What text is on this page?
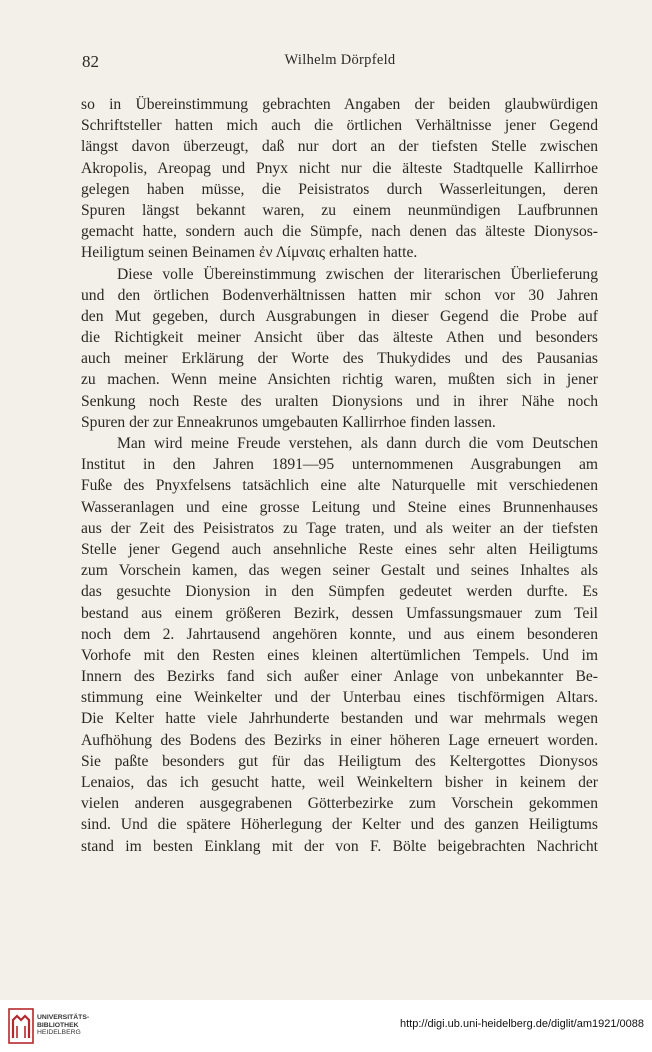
82	Wilhelm Dörpfeld
so in Übereinstimmung gebrachten Angaben der beiden glaubwürdigen
Schriftsteller hatten mich auch die örtlichen Verhältnisse jener Gegend
längst davon überzeugt, daß nur dort an der tiefsten Stelle zwischen
Akropolis, Areopag und Pnyx nicht nur die älteste Stadtquelle Kallirrhoe
gelegen haben müsse, die Peisistratos durch Wasserleitungen, deren
Spuren längst bekannt waren, zu einem neunmündigen Laufbrunnen
gemacht hatte, sondern auch die Sümpfe, nach denen das älteste Dionysos-
Heiligtum seinen Beinamen ἐν Λίμναις erhalten hatte.
Diese volle Übereinstimmung zwischen der literarischen Überlieferung
und den örtlichen Bodenverhältnissen hatten mir schon vor 30 Jahren
den Mut gegeben, durch Ausgrabungen in dieser Gegend die Probe auf
die Richtigkeit meiner Ansicht über das älteste Athen und besonders
auch meiner Erklärung der Worte des Thukydides und des Pausanias
zu machen. Wenn meine Ansichten richtig waren, mußten sich in jener
Senkung noch Reste des uralten Dionysions und in ihrer Nähe noch
Spuren der zur Enneakrunos umgebauten Kallirrhoe finden lassen.
Man wird meine Freude verstehen, als dann durch die vom Deutschen
Institut in den Jahren 1891—95 unternommenen Ausgrabungen am
Fuße des Pnyxfelsens tatsächlich eine alte Naturquelle mit verschiedenen
Wasseranlagen und eine grosse Leitung und Steine eines Brunnenhauses
aus der Zeit des Peisistratos zu Tage traten, und als weiter an der tiefsten
Stelle jener Gegend auch ansehnliche Reste eines sehr alten Heiligtums
zum Vorschein kamen, das wegen seiner Gestalt und seines Inhaltes als
das gesuchte Dionysion in den Sümpfen gedeutet werden durfte. Es
bestand aus einem größeren Bezirk, dessen Umfassungsmauer zum Teil
noch dem 2. Jahrtausend angehören konnte, und aus einem besonderen
Vorhofe mit den Resten eines kleinen altertümlichen Tempels. Und im
Innern des Bezirks fand sich außer einer Anlage von unbekannter Be-
stimmung eine Weinkelter und der Unterbau eines tischförmigen Altars.
Die Kelter hatte viele Jahrhunderte bestanden und war mehrmals wegen
Aufhöhung des Bodens des Bezirks in einer höheren Lage erneuert worden.
Sie paßte besonders gut für das Heiligtum des Keltergottes Dionysos
Lenaios, das ich gesucht hatte, weil Weinkeltern bisher in keinem der
vielen anderen ausgegrabenen Götterbezirke zum Vorschein gekommen
sind. Und die spätere Höherlegung der Kelter und des ganzen Heiligtums
stand im besten Einklang mit der von F. Bölte beigebrachten Nachricht
UNIVERSITÄTS-
BIBLIOTHEK
HEIDELBERG
http://digi.ub.uni-heidelberg.de/diglit/am1921/0088
